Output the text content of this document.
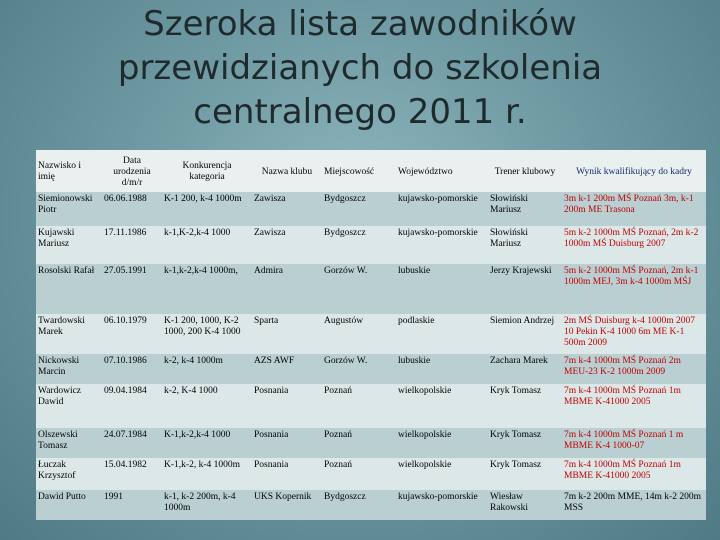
Szeroka lista zawodników przewidzianych do szkolenia centralnego 2011 r.
Nazwisko i imię	Data urodzenia d/m/r	Konkurencja kategoria	Nazwa klubu	Miejscowość	Województwo	Trener klubowy	Wynik kwalifikujący do kadry
Siemionowski Piotr	06.06.1988	K-1 200, k-4 1000m	Zawisza	Bydgoszcz	kujawsko-pomorskie	Słowiński Mariusz	3m k-1 200m MŚ Poznań 3m, k-1 200m ME Trasona
Kujawski Mariusz	17.11.1986	k-1,K-2,k-4 1000	Zawisza	Bydgoszcz	kujawsko-pomorskie	Słowiński Mariusz	5m k-2 1000m MŚ Poznań, 2m k-2 1000m MŚ Duisburg 2007
Rosolski Rafał	27.05.1991	k-1,k-2,k-4 1000m,	Admira	Gorzów W.	lubuskie	Jerzy Krajewski	5m k-2 1000m MŚ Poznań, 2m k-1 1000m MEJ, 3m k-4 1000m MŚJ
Twardowski Marek	06.10.1979	K-1 200, 1000, K-2 1000, 200 K-4 1000	Sparta	Augustów	podlaskie	Siemion Andrzej	2m MŚ Duisburg k-4 1000m 2007 10 Pekin K-4 1000 6m ME K-1 500m 2009
Nickowski Marcin	07.10.1986	k-2, k-4 1000m	AZS AWF	Gorzów W.	lubuskie	Zachara Marek	7m k-4 1000m MŚ Poznań 2m MEU-23 K-2 1000m 2009
Wardowicz Dawid	09.04.1984	k-2, K-4 1000	Posnania	Poznań	wielkopolskie	Kryk Tomasz	7m k-4 1000m MŚ Poznań 1m MBME K-41000 2005
Olszewski Tomasz	24.07.1984	K-1,k-2,k-4 1000	Posnania	Poznań	wielkopolskie	Kryk Tomasz	7m k-4 1000m MŚ Poznań 1 m MBME K-4 1000-07
Łuczak Krzysztof	15.04.1982	K-1,k-2, k-4 1000m	Posnania	Poznań	wielkopolskie	Kryk Tomasz	7m k-4 1000m MŚ Poznań 1m MBME K-41000 2005
Dawid Putto	1991	k-1, k-2 200m, k-4 1000m	UKS Kopernik	Bydgoszcz	kujawsko-pomorskie	Wiesław Rakowski	7m k-2 200m MME, 14m k-2 200m MSS
